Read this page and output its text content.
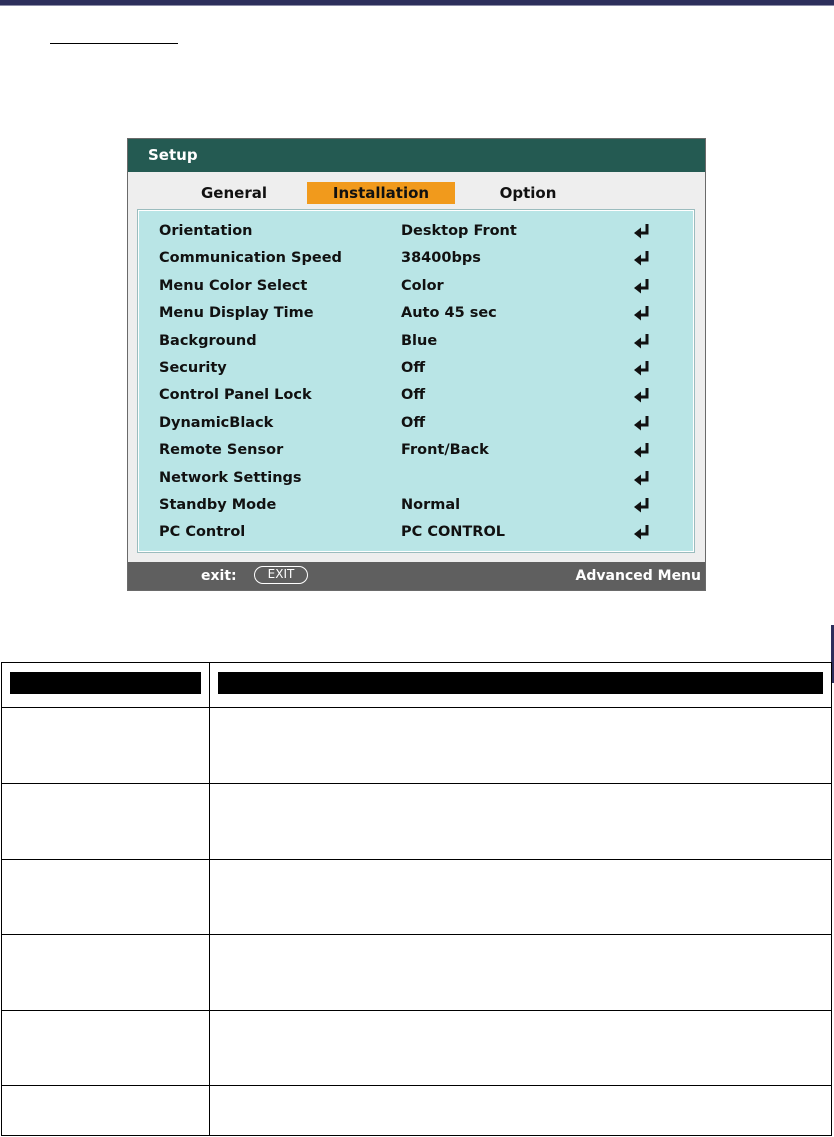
Setup
General	Installation	Option
Orientation	Desktop Front
Communication Speed	38400bps
Menu Color Select	Color
Menu Display Time	Auto 45 sec
Background	Blue
Security	Off
Control Panel Lock	Off
DynamicBlack	Off
Remote Sensor	Front/Back
Network Settings
Standby Mode	Normal
PC Control	PC CONTROL
exit:	EXIT	Advanced Menu
